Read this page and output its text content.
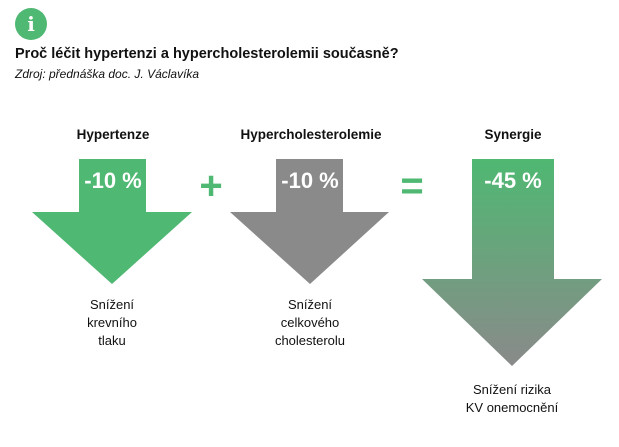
i
Proč léčit hypertenzi a hypercholesterolemii současně?
Zdroj: přednáška doc. J. Václavíka
Hypertenze	Hypercholesterolemie	Synergie
-10 %	-10 %	-45 %
+	=
Snížení
krevního
tlaku
Snížení
celkového
cholesterolu
Snížení rizika
KV onemocnění
